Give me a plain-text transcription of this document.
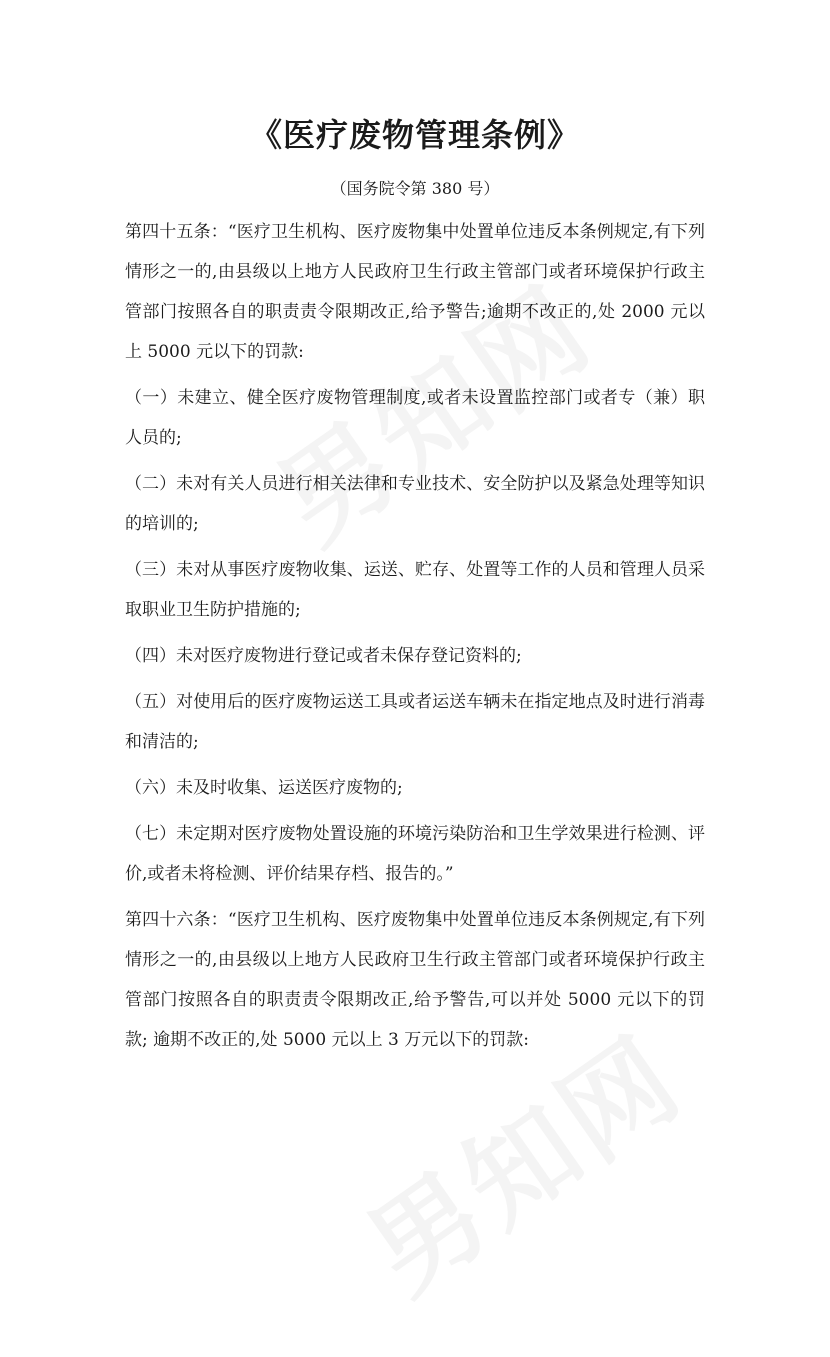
《医疗废物管理条例》
（国务院令第 380 号）

第四十五条：“医疗卫生机构、医疗废物集中处置单位违反本条例规定,有下列情形之一的,由县级以上地方人民政府卫生行政主管部门或者环境保护行政主管部门按照各自的职责责令限期改正,给予警告;逾期不改正的,处 2000 元以上 5000 元以下的罚款:

（一）未建立、健全医疗废物管理制度,或者未设置监控部门或者专（兼）职人员的;

（二）未对有关人员进行相关法律和专业技术、安全防护以及紧急处理等知识的培训的;

（三）未对从事医疗废物收集、运送、贮存、处置等工作的人员和管理人员采取职业卫生防护措施的;

（四）未对医疗废物进行登记或者未保存登记资料的;

（五）对使用后的医疗废物运送工具或者运送车辆未在指定地点及时进行消毒和清洁的;

（六）未及时收集、运送医疗废物的;

（七）未定期对医疗废物处置设施的环境污染防治和卫生学效果进行检测、评价,或者未将检测、评价结果存档、报告的。”

第四十六条：“医疗卫生机构、医疗废物集中处置单位违反本条例规定,有下列情形之一的,由县级以上地方人民政府卫生行政主管部门或者环境保护行政主管部门按照各自的职责责令限期改正,给予警告,可以并处 5000 元以下的罚款; 逾期不改正的,处 5000 元以上 3 万元以下的罚款:
